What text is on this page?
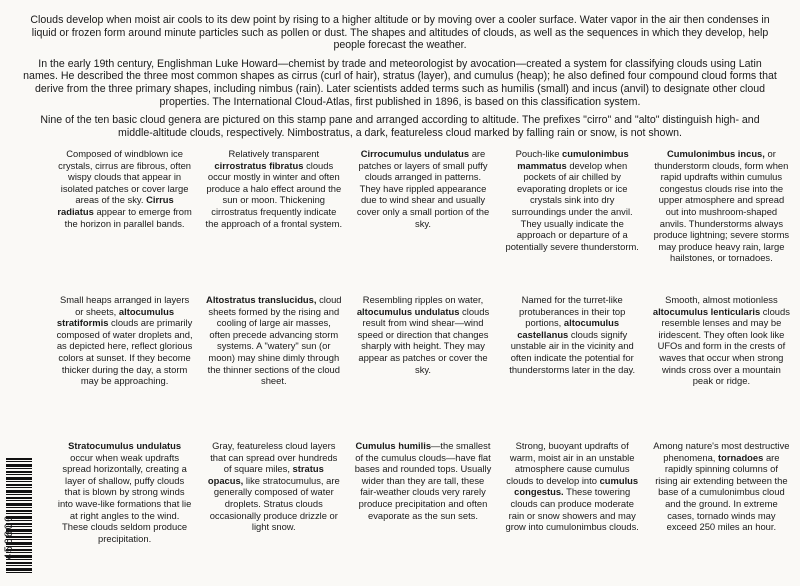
Clouds develop when moist air cools to its dew point by rising to a higher altitude or by moving over a cooler surface. Water vapor in the air then condenses in liquid or frozen form around minute particles such as pollen or dust. The shapes and altitudes of clouds, as well as the sequences in which they develop, help people forecast the weather.

In the early 19th century, Englishman Luke Howard—chemist by trade and meteorologist by avocation—created a system for classifying clouds using Latin names. He described the three most common shapes as cirrus (curl of hair), stratus (layer), and cumulus (heap); he also defined four compound cloud forms that derive from the three primary shapes, including nimbus (rain). Later scientists added terms such as humilis (small) and incus (anvil) to designate other cloud properties. The International Cloud-Atlas, first published in 1896, is based on this classification system.

Nine of the ten basic cloud genera are pictured on this stamp pane and arranged according to altitude. The prefixes "cirro" and "alto" distinguish high- and middle-altitude clouds, respectively. Nimbostratus, a dark, featureless cloud marked by falling rain or snow, is not shown.

Composed of windblown ice crystals, cirrus are fibrous, often wispy clouds that appear in isolated patches or cover large areas of the sky. Cirrus radiatus appear to emerge from the horizon in parallel bands.
Relatively transparent cirrostratus fibratus clouds occur mostly in winter and often produce a halo effect around the sun or moon. Thickening cirrostratus frequently indicate the approach of a frontal system.
Cirrocumulus undulatus are patches or layers of small puffy clouds arranged in patterns. They have rippled appearance due to wind shear and usually cover only a small portion of the sky.
Pouch-like cumulonimbus mammatus develop when pockets of air chilled by evaporating droplets or ice crystals sink into dry surroundings under the anvil. They usually indicate the approach or departure of a potentially severe thunderstorm.
Cumulonimbus incus, or thunderstorm clouds, form when rapid updrafts within cumulus congestus clouds rise into the upper atmosphere and spread out into mushroom-shaped anvils. Thunderstorms always produce lightning; severe storms may produce heavy rain, large hailstones, or tornadoes.
Small heaps arranged in layers or sheets, altocumulus stratiformis clouds are primarily composed of water droplets and, as depicted here, reflect glorious colors at sunset. If they become thicker during the day, a storm may be approaching.
Altostratus translucidus, cloud sheets formed by the rising and cooling of large air masses, often precede advancing storm systems. A "watery" sun (or moon) may shine dimly through the thinner sections of the cloud sheet.
Resembling ripples on water, altocumulus undulatus clouds result from wind shear—wind speed or direction that changes sharply with height. They may appear as patches or cover the sky.
Named for the turret-like protuberances in their top portions, altocumulus castellanus clouds signify unstable air in the vicinity and often indicate the potential for thunderstorms later in the day.
Smooth, almost motionless altocumulus lenticularis clouds resemble lenses and may be iridescent. They often look like UFOs and form in the crests of waves that occur when strong winds cross over a mountain peak or ridge.
Stratocumulus undulatus occur when weak updrafts spread horizontally, creating a layer of shallow, puffy clouds that is blown by strong winds into wave-like formations that lie at right angles to the wind. These clouds seldom produce precipitation.
Gray, featureless cloud layers that can spread over hundreds of square miles, stratus opacus, like stratocumulus, are generally composed of water droplets. Stratus clouds occasionally produce drizzle or light snow.
Cumulus humilis—the smallest of the cumulus clouds—have flat bases and rounded tops. Usually wider than they are tall, these fair-weather clouds very rarely produce precipitation and often evaporate as the sun sets.
Strong, buoyant updrafts of warm, moist air in an unstable atmosphere cause cumulus clouds to develop into cumulus congestus. These towering clouds can produce moderate rain or snow showers and may grow into cumulonimbus clouds.
Among nature's most destructive phenomena, tornadoes are rapidly spinning columns of rising air extending between the base of a cumulonimbus cloud and the ground. In extreme cases, tornado winds may exceed 250 miles an hour.
456800
